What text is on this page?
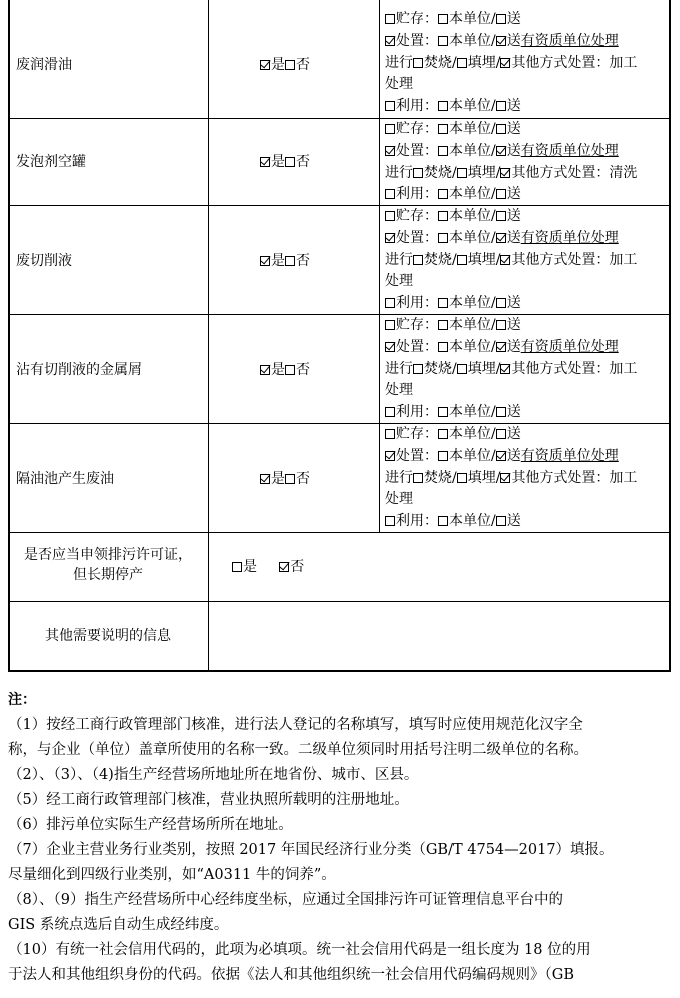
废润滑油	是 否
贮存： 本单位/ 送
处置： 本单位/ 送有资质单位处理
进行 焚烧/ 填埋/ 其他方式处置：加工
处理
利用： 本单位/ 送
发泡剂空罐	是 否
贮存： 本单位/ 送
处置： 本单位/ 送有资质单位处理
进行 焚烧/ 填埋/ 其他方式处置：清洗
利用： 本单位/ 送
废切削液	是 否
贮存： 本单位/ 送
处置： 本单位/ 送有资质单位处理
进行 焚烧/ 填埋/ 其他方式处置：加工
处理
利用： 本单位/ 送
沾有切削液的金属屑	是 否
贮存： 本单位/ 送
处置： 本单位/ 送有资质单位处理
进行 焚烧/ 填埋/ 其他方式处置：加工
处理
利用： 本单位/ 送
隔油池产生废油	是 否
贮存： 本单位/ 送
处置： 本单位/ 送有资质单位处理
进行 焚烧/ 填埋/ 其他方式处置：加工
处理
利用： 本单位/ 送
是否应当申领排污许可证，
但长期停产	是 否
其他需要说明的信息
注：
（1）按经工商行政管理部门核准，进行法人登记的名称填写，填写时应使用规范化汉字全
称，与企业（单位）盖章所使用的名称一致。二级单位须同时用括号注明二级单位的名称。
（2）、（3）、（4)指生产经营场所地址所在地省份、城市、区县。
（5）经工商行政管理部门核准，营业执照所载明的注册地址。
（6）排污单位实际生产经营场所所在地址。
（7）企业主营业务行业类别，按照 2017 年国民经济行业分类（GB/T 4754—2017）填报。
尽量细化到四级行业类别，如“A0311 牛的饲养”。
（8）、（9）指生产经营场所中心经纬度坐标，应通过全国排污许可证管理信息平台中的
GIS 系统点选后自动生成经纬度。
（10）有统一社会信用代码的，此项为必填项。统一社会信用代码是一组长度为 18 位的用
于法人和其他组织身份的代码。依据《法人和其他组织统一社会信用代码编码规则》（GB
